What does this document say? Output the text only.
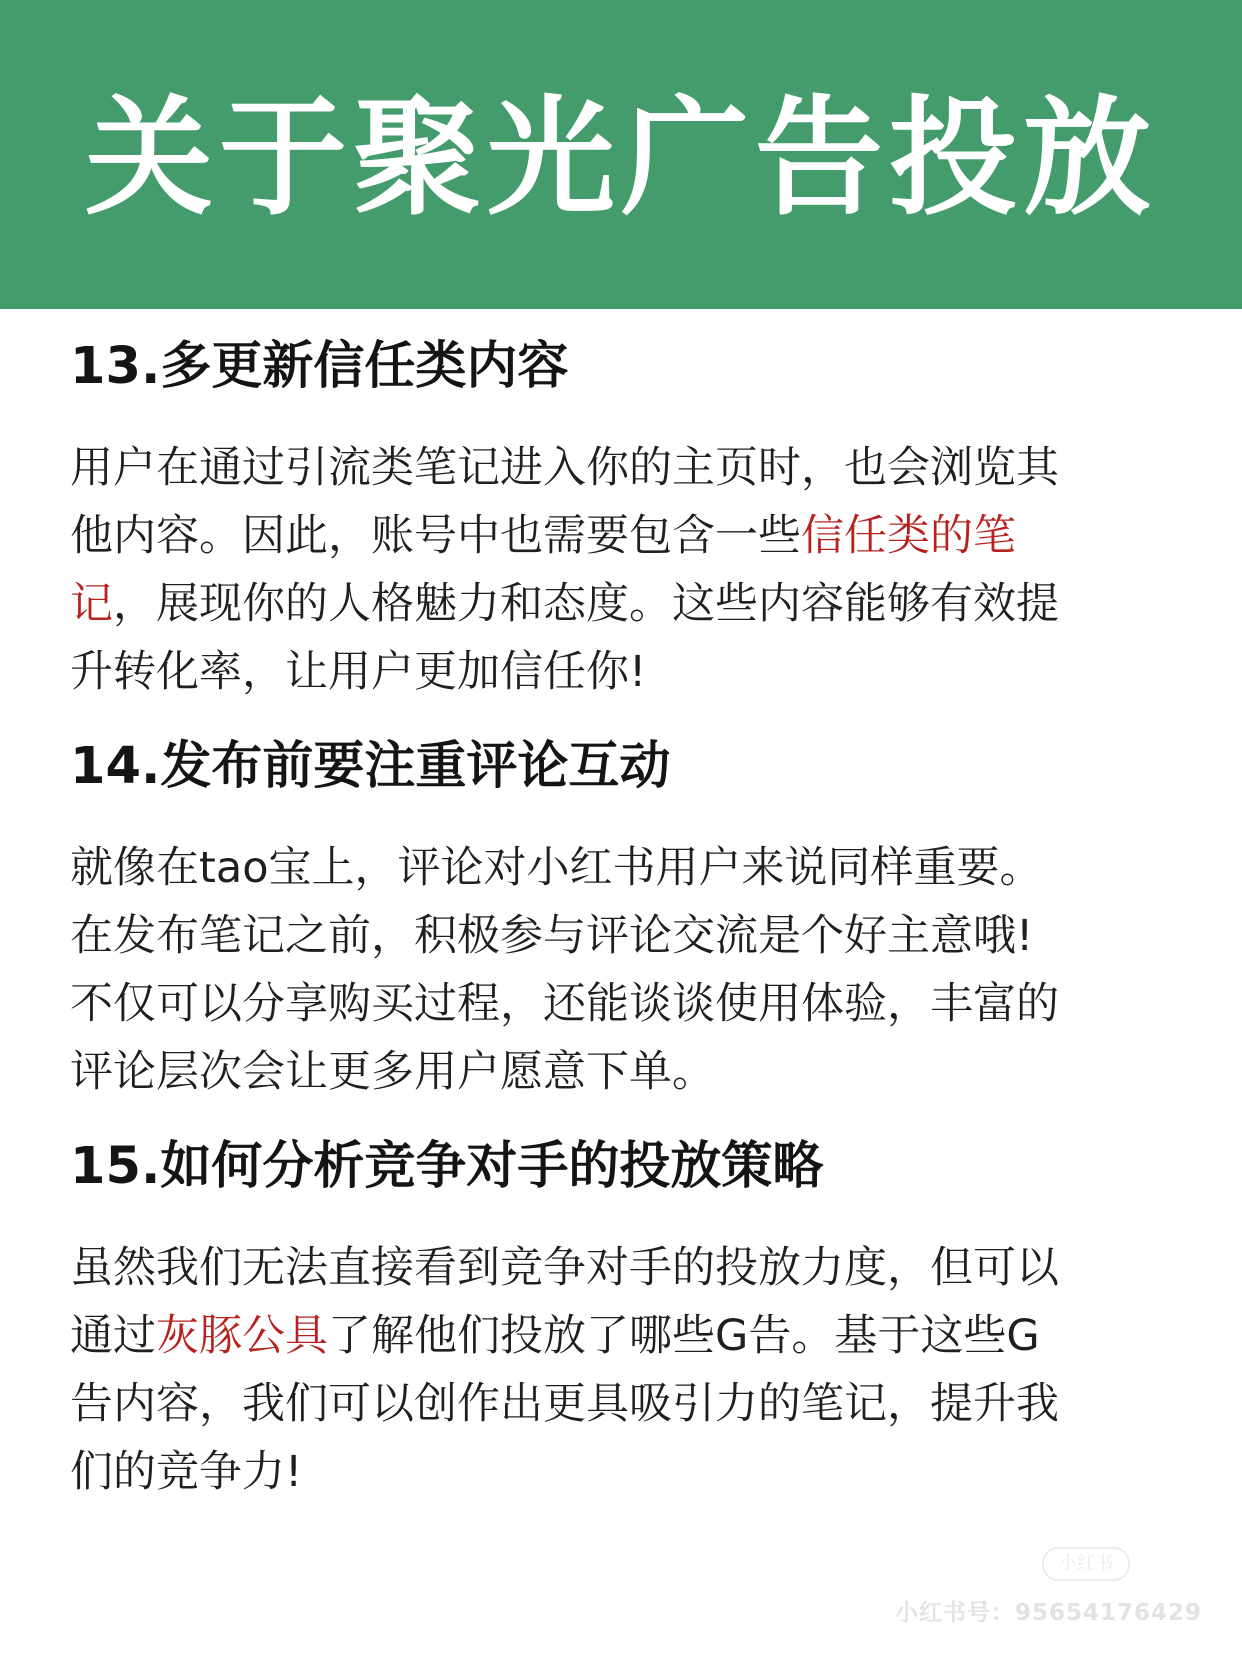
关于聚光广告投放
13.多更新信任类内容
用户在通过引流类笔记进入你的主页时，也会浏览其
他内容。因此，账号中也需要包含一些信任类的笔
记，展现你的人格魅力和态度。这些内容能够有效提
升转化率，让用户更加信任你!
14.发布前要注重评论互动
就像在tao宝上，评论对小红书用户来说同样重要。
在发布笔记之前，积极参与评论交流是个好主意哦!
不仅可以分享购买过程，还能谈谈使用体验，丰富的
评论层次会让更多用户愿意下单。
15.如何分析竞争对手的投放策略
虽然我们无法直接看到竞争对手的投放力度，但可以
通过灰豚公具了解他们投放了哪些G告。基于这些G
告内容，我们可以创作出更具吸引力的笔记，提升我
们的竞争力!
小红书
小红书号：95654176429
